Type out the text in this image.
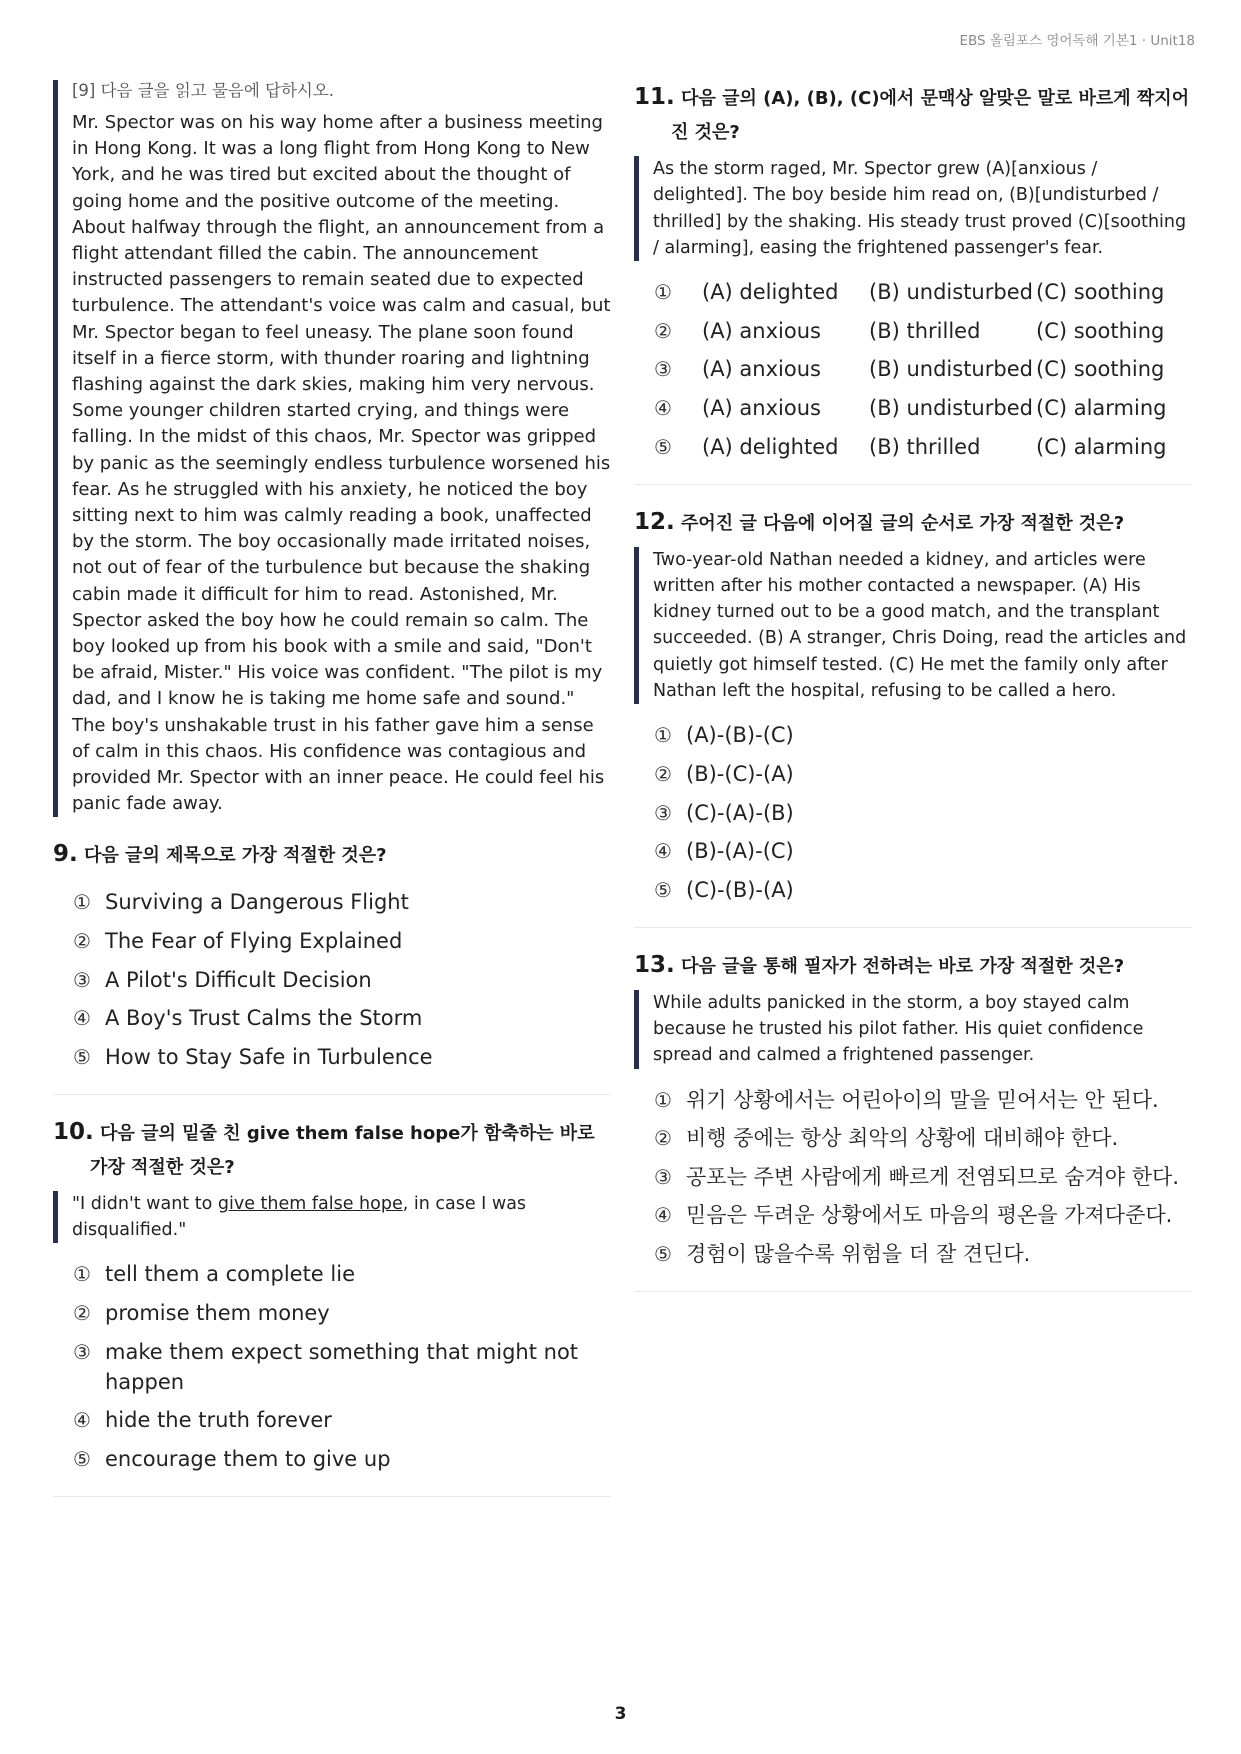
EBS 올림포스 영어독해 기본1 · Unit18

[9] 다음 글을 읽고 물음에 답하시오.

Mr. Spector was on his way home after a business meeting in Hong Kong. It was a long flight from Hong Kong to New York, and he was tired but excited about the thought of going home and the positive outcome of the meeting. About halfway through the flight, an announcement from a flight attendant filled the cabin. The announcement instructed passengers to remain seated due to expected turbulence. The attendant's voice was calm and casual, but Mr. Spector began to feel uneasy. The plane soon found itself in a fierce storm, with thunder roaring and lightning flashing against the dark skies, making him very nervous. Some younger children started crying, and things were falling. In the midst of this chaos, Mr. Spector was gripped by panic as the seemingly endless turbulence worsened his fear. As he struggled with his anxiety, he noticed the boy sitting next to him was calmly reading a book, unaffected by the storm. The boy occasionally made irritated noises, not out of fear of the turbulence but because the shaking cabin made it difficult for him to read. Astonished, Mr. Spector asked the boy how he could remain so calm. The boy looked up from his book with a smile and said, "Don't be afraid, Mister." His voice was confident. "The pilot is my dad, and I know he is taking me home safe and sound." The boy's unshakable trust in his father gave him a sense of calm in this chaos. His confidence was contagious and provided Mr. Spector with an inner peace. He could feel his panic fade away.

9. 다음 글의 제목으로 가장 적절한 것은?

① Surviving a Dangerous Flight
② The Fear of Flying Explained
③ A Pilot's Difficult Decision
④ A Boy's Trust Calms the Storm
⑤ How to Stay Safe in Turbulence

10. 다음 글의 밑줄 친 give them false hope가 함축하는 바로 가장 적절한 것은?

"I didn't want to give them false hope, in case I was disqualified."
① tell them a complete lie
② promise them money
③ make them expect something that might not happen
④ hide the truth forever
⑤ encourage them to give up

11. 다음 글의 (A), (B), (C)에서 문맥상 알맞은 말로 바르게 짝지어진 것은?

As the storm raged, Mr. Spector grew (A)[anxious / delighted]. The boy beside him read on, (B)[undisturbed / thrilled] by the shaking. His steady trust proved (C)[soothing / alarming], easing the frightened passenger's fear.
①	(A) delighted	(B) undisturbed (C) soothing
②	(A) anxious	(B) thrilled	(C) soothing
③	(A) anxious	(B) undisturbed (C) soothing
④	(A) anxious	(B) undisturbed (C) alarming
⑤	(A) delighted	(B) thrilled	(C) alarming

12. 주어진 글 다음에 이어질 글의 순서로 가장 적절한 것은?

Two-year-old Nathan needed a kidney, and articles were written after his mother contacted a newspaper. (A) His kidney turned out to be a good match, and the transplant succeeded. (B) A stranger, Chris Doing, read the articles and quietly got himself tested. (C) He met the family only after Nathan left the hospital, refusing to be called a hero.
① (A)-(B)-(C)
② (B)-(C)-(A)
③ (C)-(A)-(B)
④ (B)-(A)-(C)
⑤ (C)-(B)-(A)

13. 다음 글을 통해 필자가 전하려는 바로 가장 적절한 것은?

While adults panicked in the storm, a boy stayed calm because he trusted his pilot father. His quiet confidence spread and calmed a frightened passenger.
① 위기 상황에서는 어린아이의 말을 믿어서는 안 된다.
② 비행 중에는 항상 최악의 상황에 대비해야 한다.
③ 공포는 주변 사람에게 빠르게 전염되므로 숨겨야 한다.
④ 믿음은 두려운 상황에서도 마음의 평온을 가져다준다.
⑤ 경험이 많을수록 위험을 더 잘 견딘다.
3
